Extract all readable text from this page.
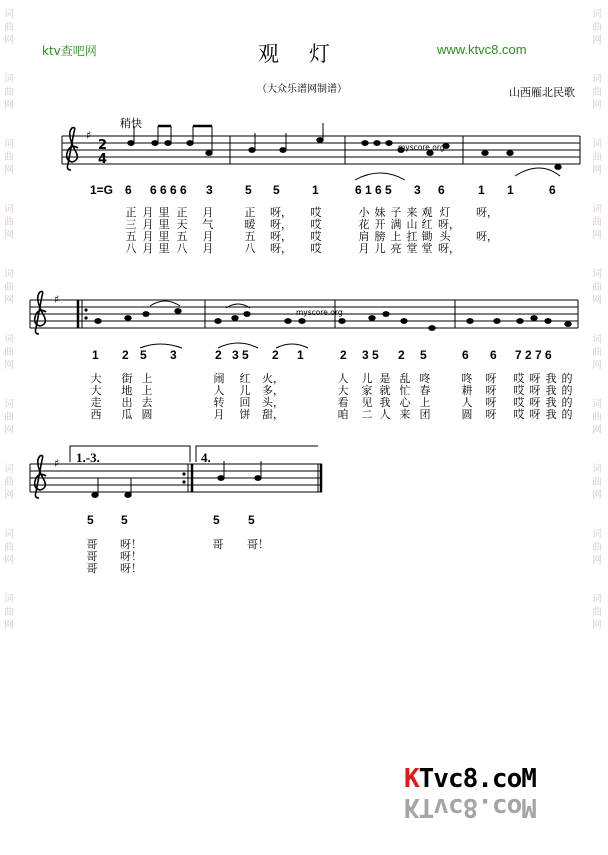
词
曲
网
词
曲
网
词
曲
网
词
曲
网
词
曲
网
词
曲
网
词
曲
网
词
曲
网
词
曲
网
词
曲
网
词
曲
网
词
曲
网
词
曲
网
词
曲
网
词
曲
网
词
曲
网
词
曲
网
词
曲
网
词
曲
网
词
曲
网
ktv查吧网	观灯	www.ktvc8.com
（大众乐谱网制谱）	山西雁北民歌
稍快
♯
♯
♯
2
4
myscore.org
myscore.org
1=G
1.-3.	4.
KTvc8.coM
KTvc8.coM
6 6 6 6 6 3	5 5	1	6 1 6 5 3 6	1 1	6
正 月 里 正 月	正 呀， 哎	小 妹 子 来 观 灯 呀，
三 月 里 天 气	暖 呀， 哎	花 开 满 山 红 呀，
五 月 里 五 月	五 呀， 哎	肩 膀 上 扛 锄 头 呀，
八 月 里 八 月	八 呀， 哎	月 儿 亮 堂 堂 呀，
1 2 5 3	2 3 5 2 1	2 3 5 2 5	6 6 7 2 7 6
大 街 上	闹 红 火，	人 儿 是 乱 咚	咚 呀 哎 呀 我 的
大 地 上	人 儿 多，	大 家 就 忙 春	耕 呀 哎 呀 我 的
走 出 去	转 回 头，	看 见 我 心 上	人 呀 哎 呀 我 的
西 瓜 圆	月 饼 甜，	咱 二 人 来 团	圆 呀 哎 呀 我 的
5 5	5 5
哥 呀！	哥 哥！
哥 呀！
哥 呀！
